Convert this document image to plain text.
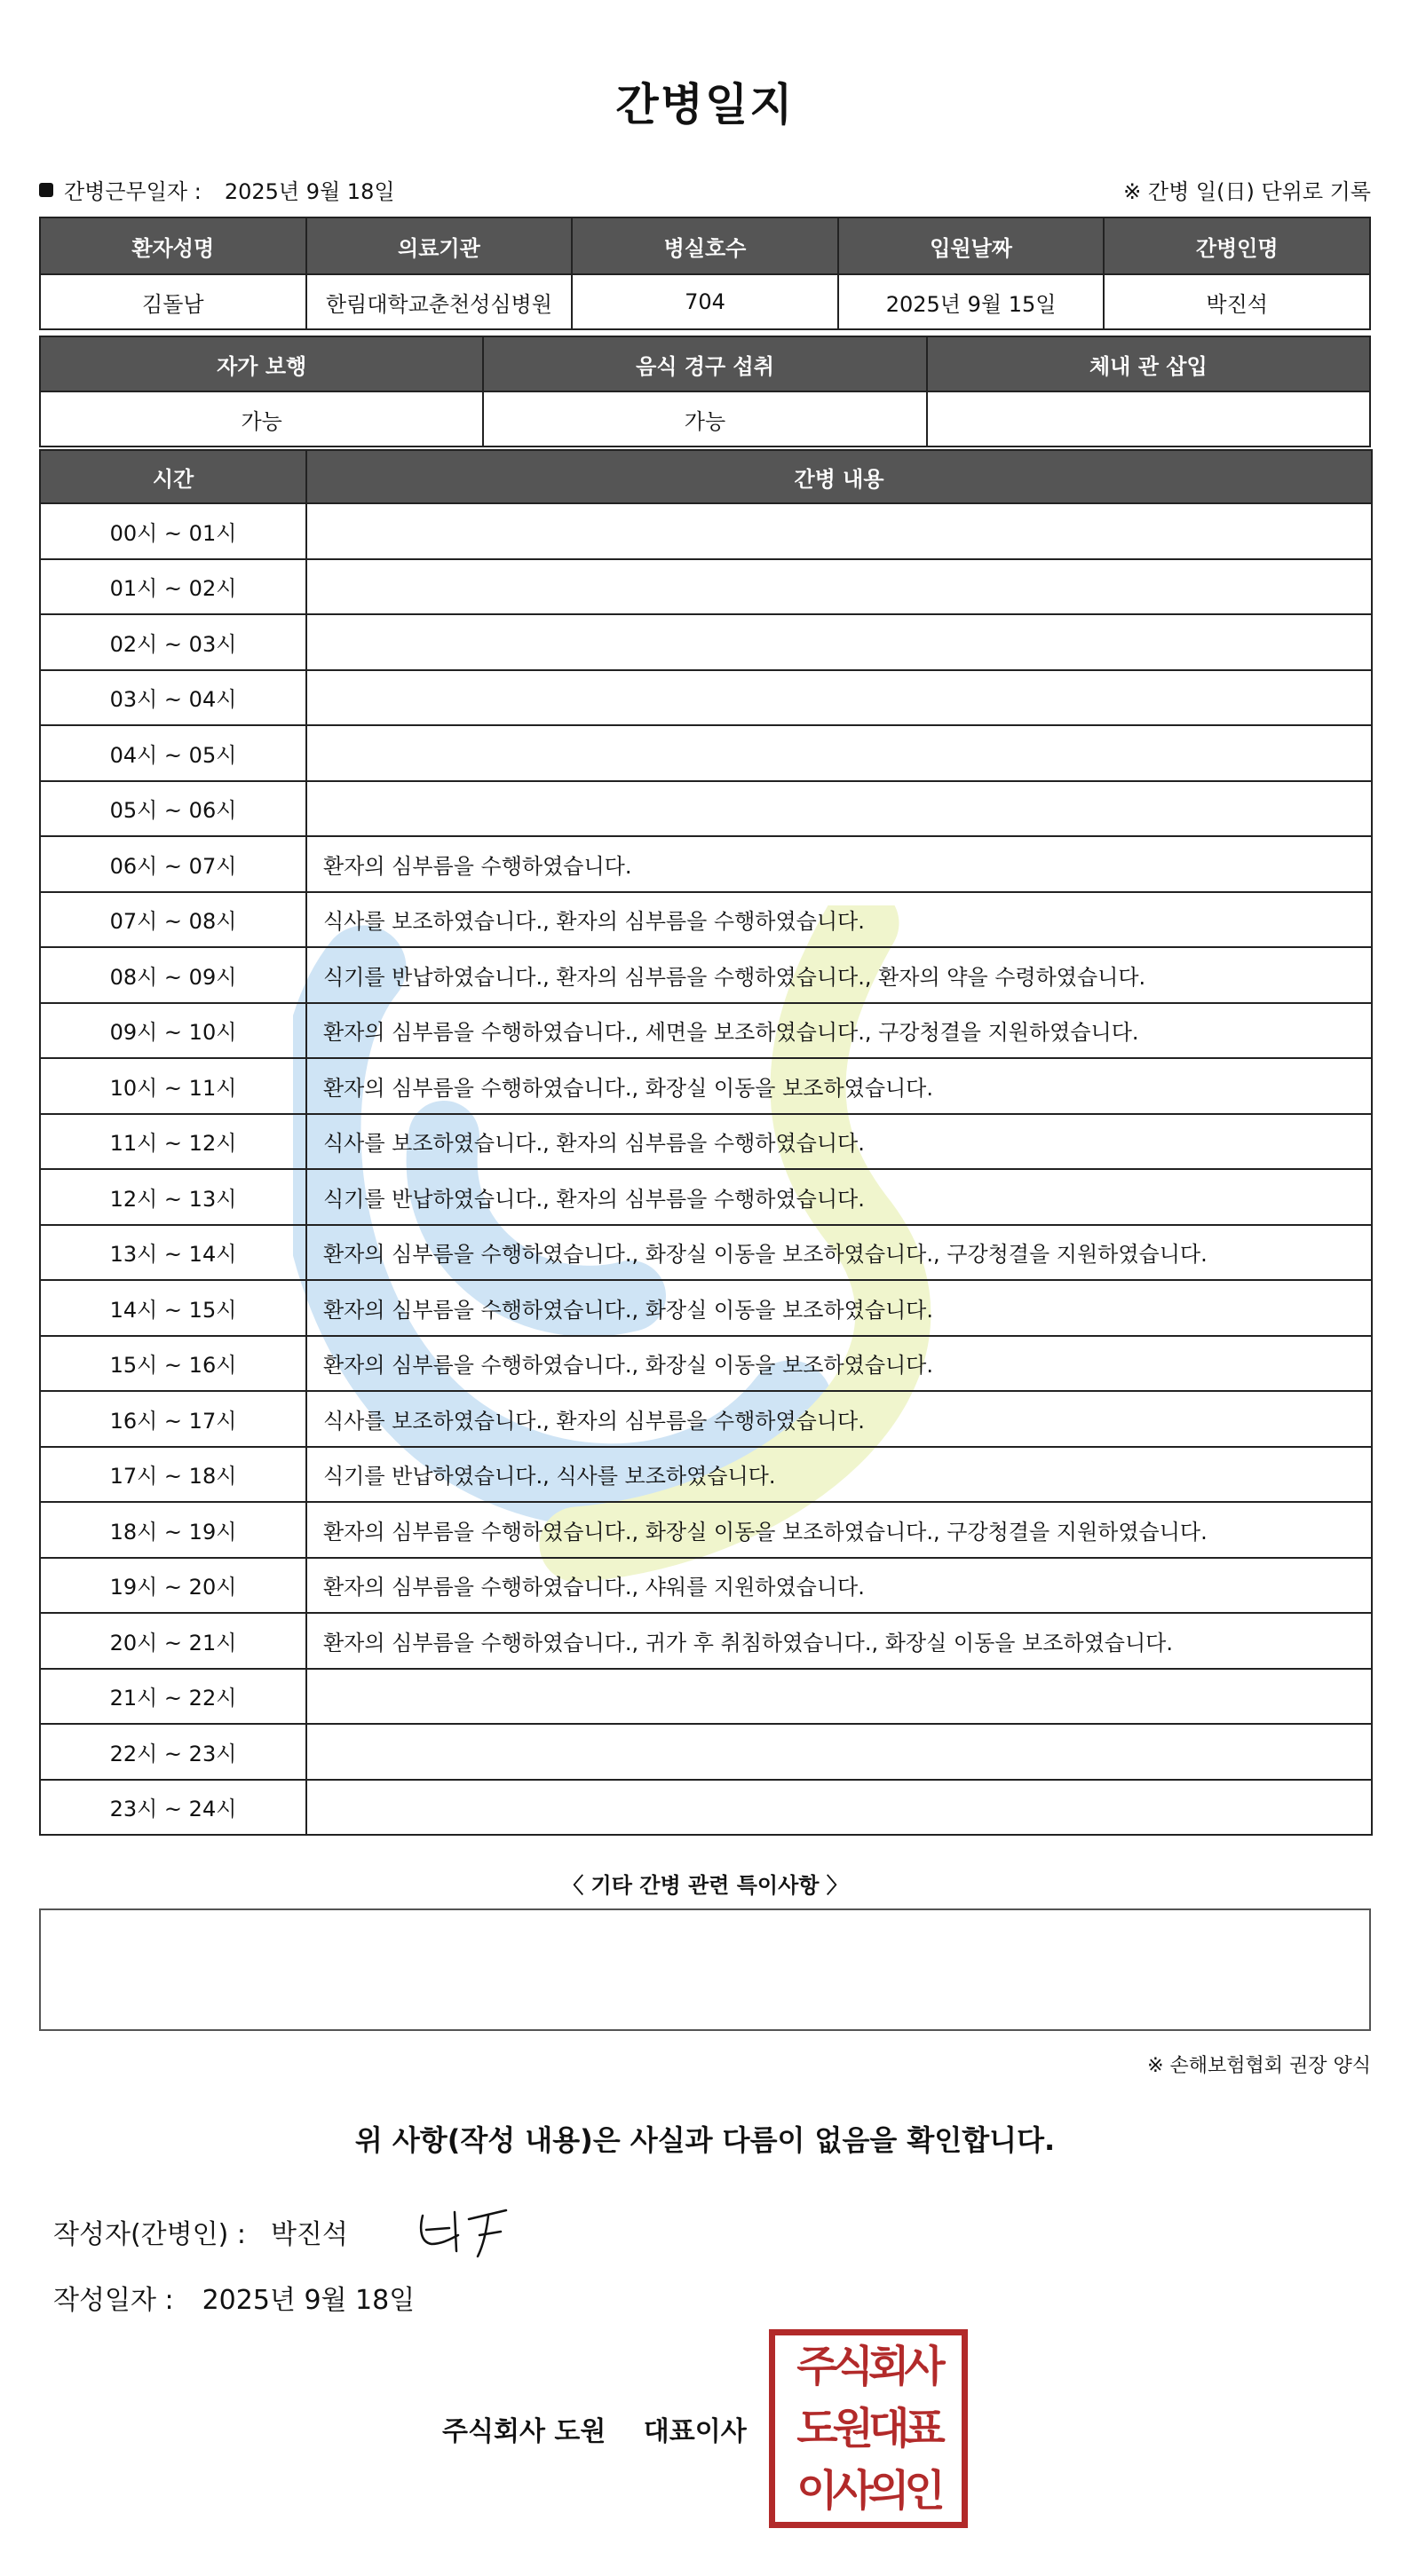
간병일지
간병근무일자 : 2025년 9월 18일	※ 간병 일(日) 단위로 기록
환자성명	의료기관	병실호수	입원날짜	간병인명
김돌남	한림대학교춘천성심병원	704	2025년 9월 15일	박진석
자가 보행	음식 경구 섭취	체내 관 삽입
가능	가능	
시간	간병 내용
00시 ~ 01시	
01시 ~ 02시	
02시 ~ 03시	
03시 ~ 04시	
04시 ~ 05시	
05시 ~ 06시	
06시 ~ 07시	환자의 심부름을 수행하였습니다.
07시 ~ 08시	식사를 보조하였습니다., 환자의 심부름을 수행하였습니다.
08시 ~ 09시	식기를 반납하였습니다., 환자의 심부름을 수행하였습니다., 환자의 약을 수령하였습니다.
09시 ~ 10시	환자의 심부름을 수행하였습니다., 세면을 보조하였습니다., 구강청결을 지원하였습니다.
10시 ~ 11시	환자의 심부름을 수행하였습니다., 화장실 이동을 보조하였습니다.
11시 ~ 12시	식사를 보조하였습니다., 환자의 심부름을 수행하였습니다.
12시 ~ 13시	식기를 반납하였습니다., 환자의 심부름을 수행하였습니다.
13시 ~ 14시	환자의 심부름을 수행하였습니다., 화장실 이동을 보조하였습니다., 구강청결을 지원하였습니다.
14시 ~ 15시	환자의 심부름을 수행하였습니다., 화장실 이동을 보조하였습니다.
15시 ~ 16시	환자의 심부름을 수행하였습니다., 화장실 이동을 보조하였습니다.
16시 ~ 17시	식사를 보조하였습니다., 환자의 심부름을 수행하였습니다.
17시 ~ 18시	식기를 반납하였습니다., 식사를 보조하였습니다.
18시 ~ 19시	환자의 심부름을 수행하였습니다., 화장실 이동을 보조하였습니다., 구강청결을 지원하였습니다.
19시 ~ 20시	환자의 심부름을 수행하였습니다., 샤워를 지원하였습니다.
20시 ~ 21시	환자의 심부름을 수행하였습니다., 귀가 후 취침하였습니다., 화장실 이동을 보조하였습니다.
21시 ~ 22시	
22시 ~ 23시	
23시 ~ 24시	
〈 기타 간병 관련 특이사항 〉
※ 손해보험협회 권장 양식
위 사항(작성 내용)은 사실과 다름이 없음을 확인합니다.
작성자(간병인) : 박진석
작성일자 : 2025년 9월 18일
주식회사 도원 대표이사
주식회사
도원대표
이사의인
